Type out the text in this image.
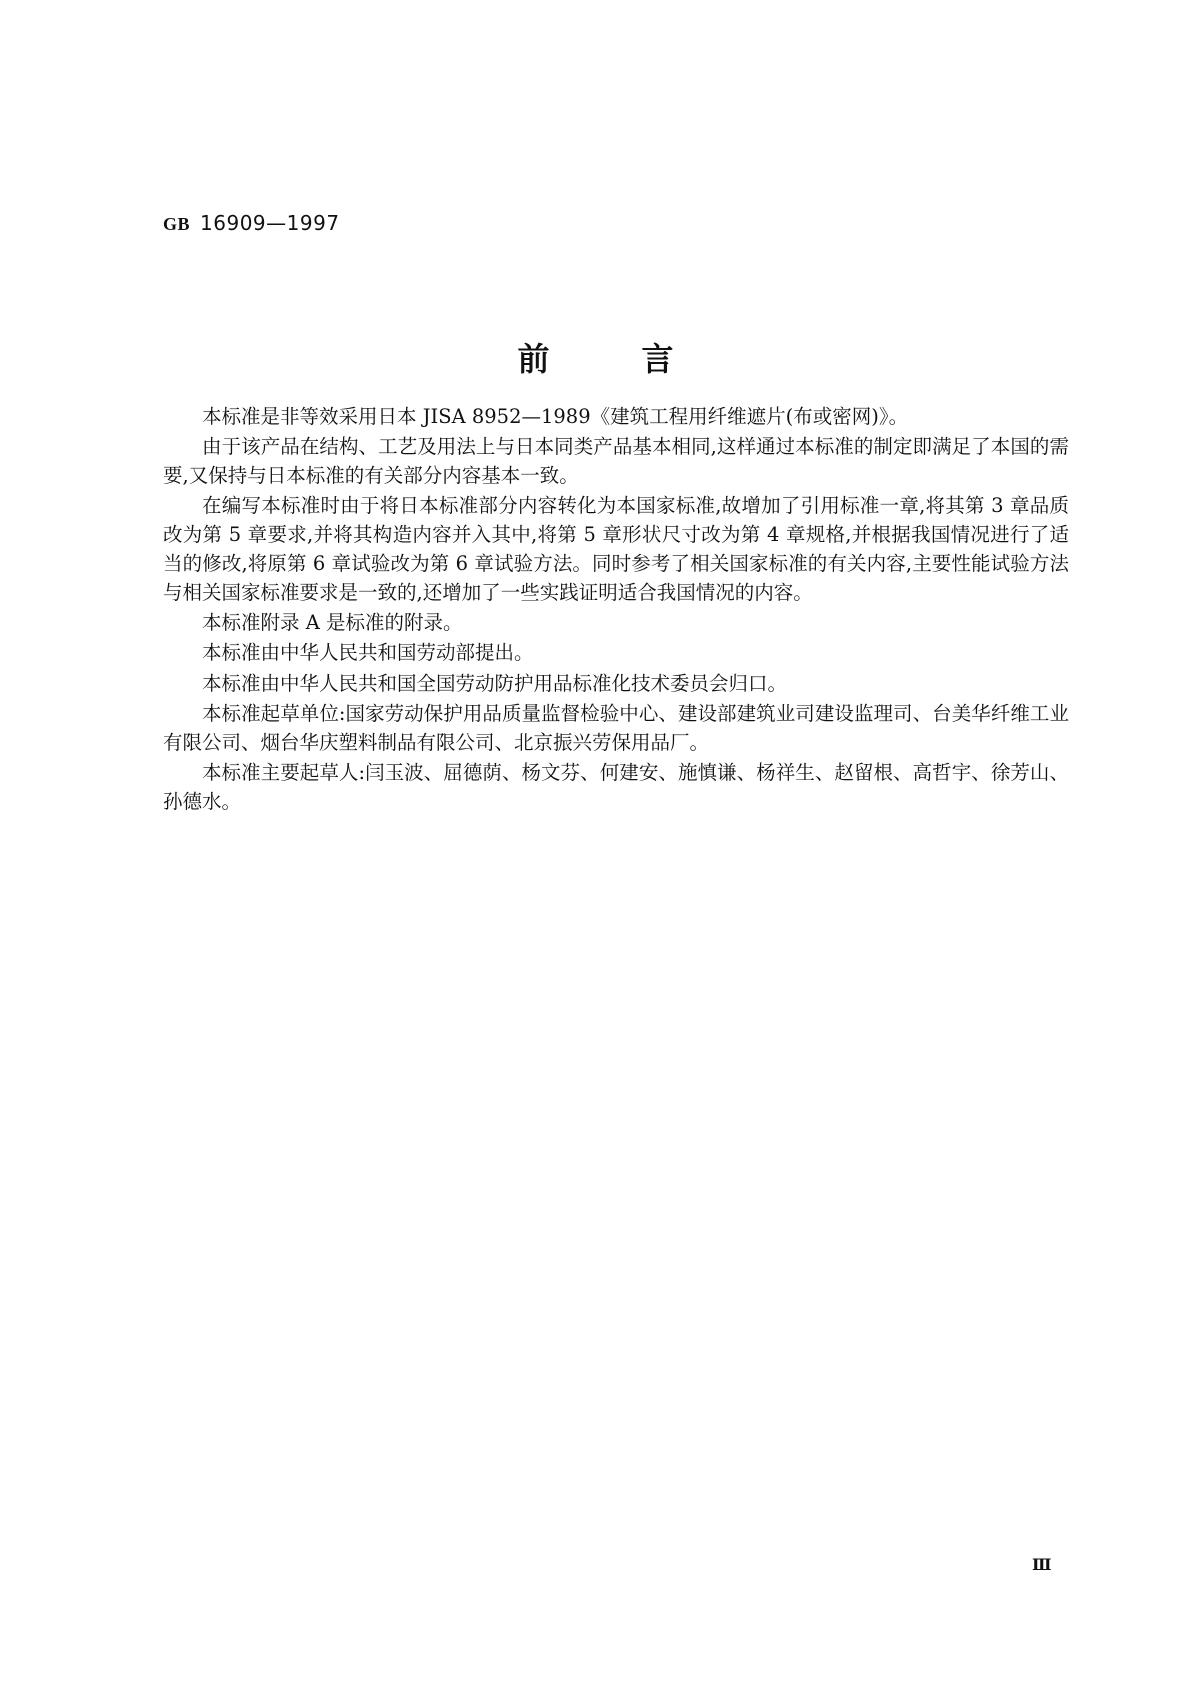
GB 16909—1997
前言

本标准是非等效采用日本 JISA 8952—1989《建筑工程用纤维遮片(布或密网)》。

由于该产品在结构、工艺及用法上与日本同类产品基本相同,这样通过本标准的制定即满足了本国的需要,又保持与日本标准的有关部分内容基本一致。

在编写本标准时由于将日本标准部分内容转化为本国家标准,故增加了引用标准一章,将其第 3 章品质改为第 5 章要求,并将其构造内容并入其中,将第 5 章形状尺寸改为第 4 章规格,并根据我国情况进行了适当的修改,将原第 6 章试验改为第 6 章试验方法。同时参考了相关国家标准的有关内容,主要性能试验方法与相关国家标准要求是一致的,还增加了一些实践证明适合我国情况的内容。

本标准附录 A 是标准的附录。

本标准由中华人民共和国劳动部提出。

本标准由中华人民共和国全国劳动防护用品标准化技术委员会归口。

本标准起草单位:国家劳动保护用品质量监督检验中心、建设部建筑业司建设监理司、台美华纤维工业有限公司、烟台华庆塑料制品有限公司、北京振兴劳保用品厂。

本标准主要起草人:闫玉波、屈德荫、杨文芬、何建安、施慎谦、杨祥生、赵留根、高哲宇、徐芳山、孙德水。

Ⅲ
